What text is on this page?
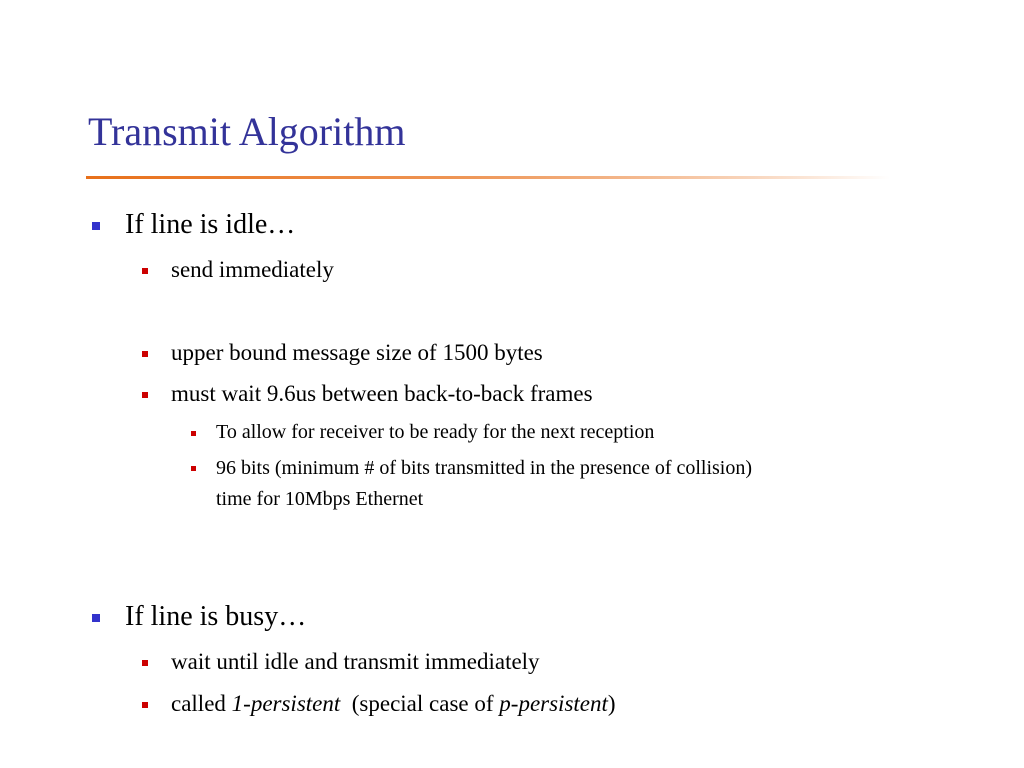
Transmit Algorithm
If line is idle…
send immediately
upper bound message size of 1500 bytes
must wait 9.6us between back-to-back frames
To allow for receiver to be ready for the next reception
96 bits (minimum # of bits transmitted in the presence of collision)
time for 10Mbps Ethernet
If line is busy…
wait until idle and transmit immediately
called 1-persistent  (special case of p-persistent)
